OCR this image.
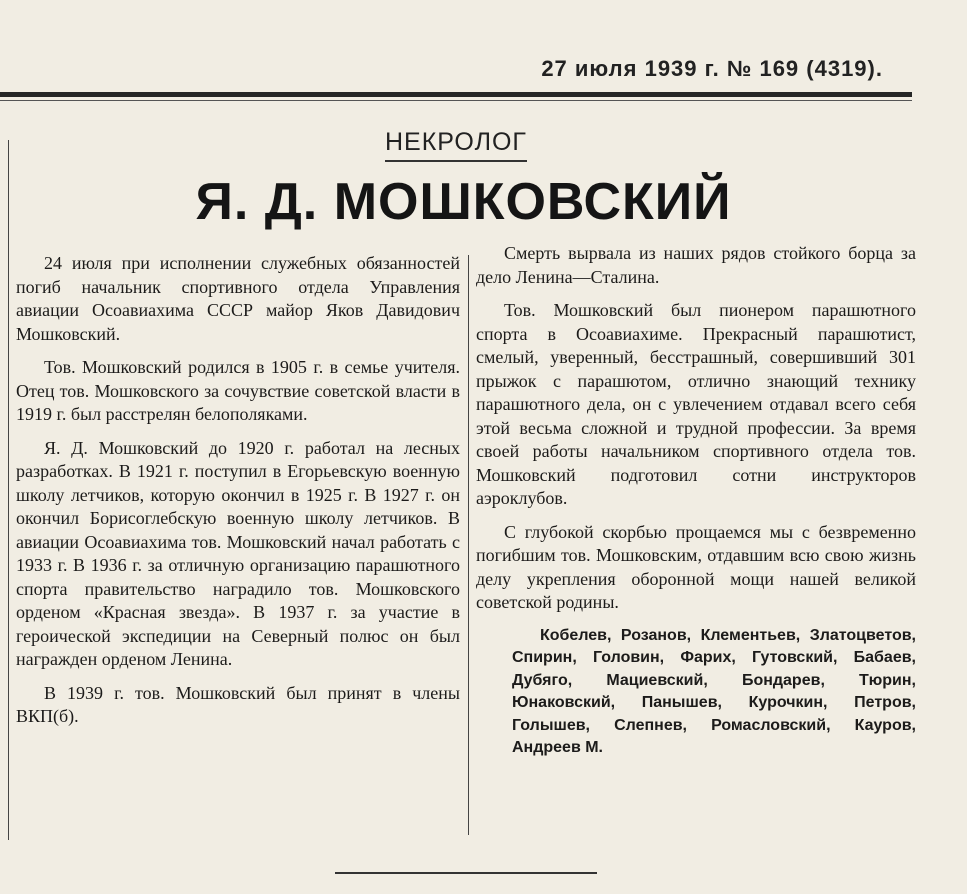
27 июля 1939 г. № 169 (4319).
НЕКРОЛОГ
Я. Д. МОШКОВСКИЙ

24 июля при исполнении служебных обязанностей погиб начальник спортивного отдела Управления авиации Осоавиахима СССР майор Яков Давидович Мошковский.

Тов. Мошковский родился в 1905 г. в семье учителя. Отец тов. Мошковского за сочувствие советской власти в 1919 г. был расстрелян белополяками.

Я. Д. Мошковский до 1920 г. работал на лесных разработках. В 1921 г. поступил в Егорьевскую военную школу летчиков, которую окончил в 1925 г. В 1927 г. он окончил Борисоглебскую военную школу летчиков. В авиации Осоавиахима тов. Мошковский начал работать с 1933 г. В 1936 г. за отличную организацию парашютного спорта правительство наградило тов. Мошковского орденом «Красная звезда». В 1937 г. за участие в героической экспедиции на Северный полюс он был награжден орденом Ленина.

В 1939 г. тов. Мошковский был принят в члены ВКП(б).

Смерть вырвала из наших рядов стойкого борца за дело Ленина—Сталина.

Тов. Мошковский был пионером парашютного спорта в Осоавиахиме. Прекрасный парашютист, смелый, уверенный, бесстрашный, совершивший 301 прыжок с парашютом, отлично знающий технику парашютного дела, он с увлечением отдавал всего себя этой весьма сложной и трудной профессии. За время своей работы начальником спортивного отдела тов. Мошковский подготовил сотни инструкторов аэроклубов.

С глубокой скорбью прощаемся мы с безвременно погибшим тов. Мошковским, отдавшим всю свою жизнь делу укрепления оборонной мощи нашей великой советской родины.

Кобелев, Розанов, Клементьев, Златоцветов, Спирин, Головин, Фарих, Гутовский, Бабаев, Дубяго, Мациевский, Бондарев, Тюрин, Юнаковский, Панышев, Курочкин, Петров, Голышев, Слепнев, Ромасловский, Кауров, Андреев М.
